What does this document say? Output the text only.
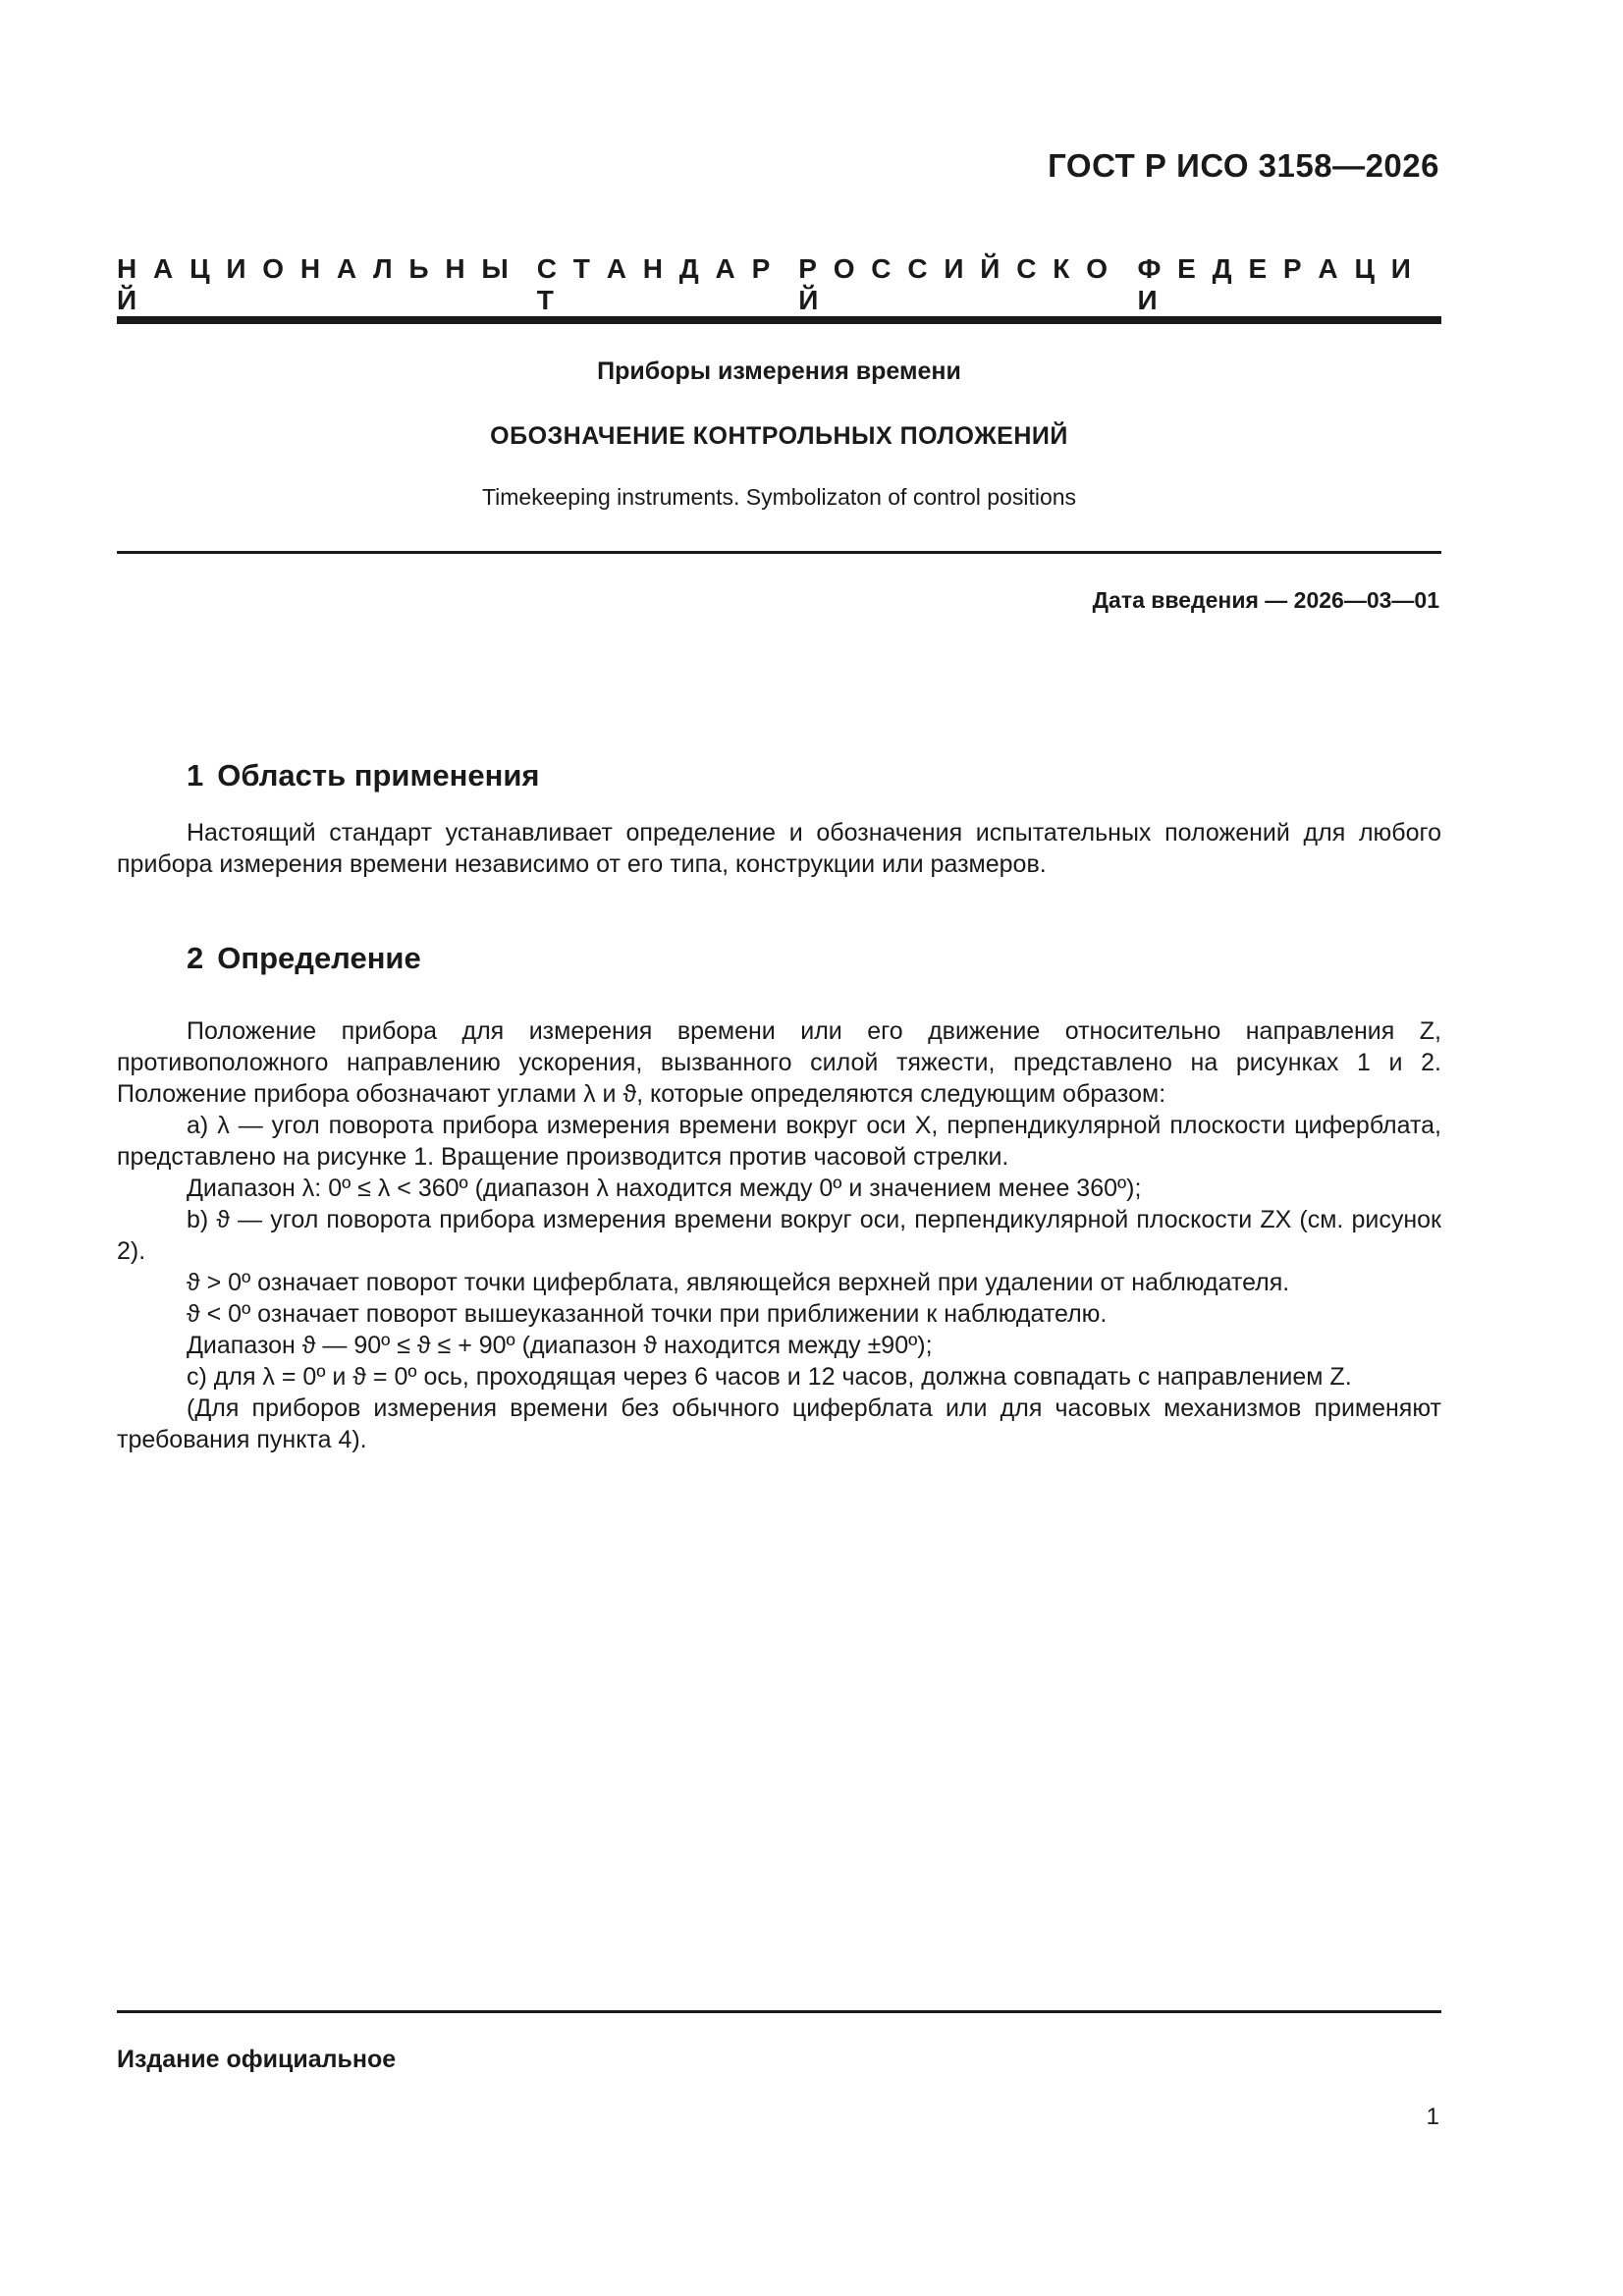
ГОСТ Р ИСО 3158—2026
Н   А   Ц   И   О   Н   А   Л   Ь   Н   Ы   Й
С   Т   А   Н   Д   А   Р   Т
Р   О   С   С   И   Й   С   К   О   Й
Ф   Е   Д   Е   Р   А   Ц   И   И
Приборы измерения времени
ОБОЗНАЧЕНИЕ КОНТРОЛЬНЫХ ПОЛОЖЕНИЙ
Timekeeping instruments. Symbolizaton of control positions
Дата введения — 2026—03—01
1 Область применения

Настоящий стандарт устанавливает определение и обозначения испытательных положений для любого прибора измерения времени независимо от его типа, конструкции или размеров.

2 Определение

Положение прибора для измерения времени или его движение относительно направления Z, противоположного направлению ускорения, вызванного силой тяжести, представлено на рисунках 1 и 2. Положение прибора обозначают углами λ и ϑ, которые определяются следующим образом:

а) λ — угол поворота прибора измерения времени вокруг оси X, перпендикулярной плоскости циферблата, представлено на рисунке 1. Вращение производится против часовой стрелки.

Диапазон λ: 0º ≤ λ < 360º (диапазон λ находится между 0º и значением менее 360º);

b) ϑ — угол поворота прибора измерения времени вокруг оси, перпендикулярной плоскости ZX (см. рисунок 2).

ϑ > 0º означает поворот точки циферблата, являющейся верхней при удалении от наблюдателя.

ϑ < 0º означает поворот вышеуказанной точки при приближении к наблюдателю.

Диапазон ϑ — 90º ≤ ϑ ≤ + 90º (диапазон ϑ находится между ±90º);

c) для λ = 0º и ϑ = 0º ось, проходящая через 6 часов и 12 часов, должна совпадать с направлением Z.

(Для приборов измерения времени без обычного циферблата или для часовых механизмов применяют требования пункта 4).

Издание официальное
1
